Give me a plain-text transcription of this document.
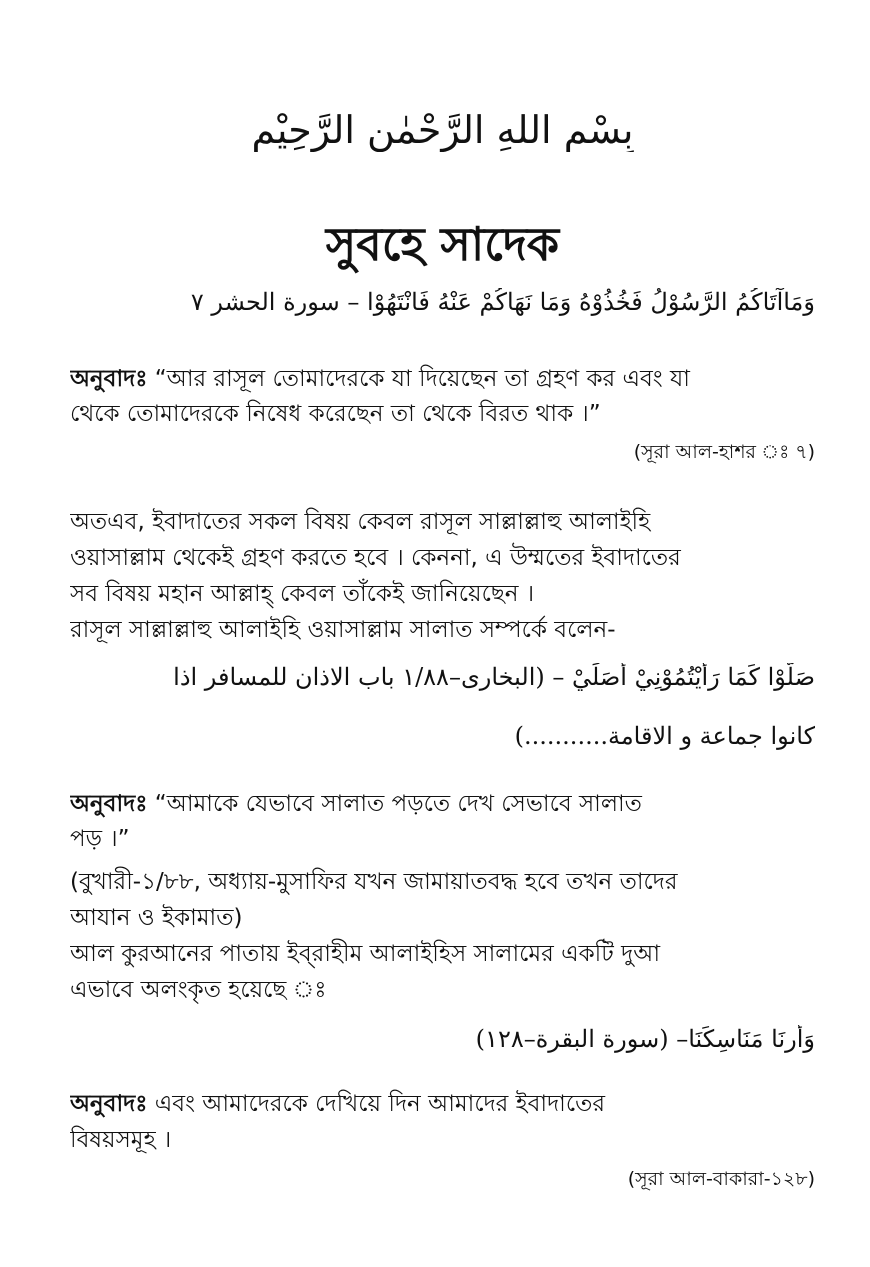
بِسْمِ اللهِ الرَّحْمٰنِ الرَّحِيْمِ
সুবহে সাদেক
وَمَاآتَاكُمُ الرَّسُوْلُ فَخُذُوْهُ وَمَا نَهَاكُمْ عَنْهُ فَانْتَهُوْا – سورة الحشر ٧
অনুবাদঃ “আর রাসূল তোমাদেরকে যা দিয়েছেন তা গ্রহণ কর এবং যা
থেকে তোমাদেরকে নিষেধ করেছেন তা থেকে বিরত থাক ।”
(সূরা আল-হাশর ঃ ৭)
অতএব, ইবাদাতের সকল বিষয় কেবল রাসূল সাল্লাল্লাহু আলাইহি
ওয়াসাল্লাম থেকেই গ্রহণ করতে হবে । কেননা, এ উম্মতের ইবাদাতের
সব বিষয় মহান আল্লাহ্ কেবল তাঁকেই জানিয়েছেন ।
রাসূল সাল্লাল্লাহু আলাইহি ওয়াসাল্লাম সালাত সম্পর্কে বলেন-
صَلُّوْا كَمَا رَأَيْتُمُوْنِيْ أُصَلِّيْ – (البخارى–١/٨٨ باب الاذان للمسافر اذا
كانوا جماعة و الاقامة...........)
অনুবাদঃ “আমাকে যেভাবে সালাত পড়তে দেখ সেভাবে সালাত
পড় ।”
(বুখারী-১/৮৮, অধ্যায়-মুসাফির যখন জামায়াতবদ্ধ হবে তখন তাদের
আযান ও ইকামাত)
আল কুরআনের পাতায় ইব্‌রাহীম আলাইহিস সালামের একটি দুআ
এভাবে অলংকৃত হয়েছে ঃ
وَأَرِنَا مَنَاسِكَنَا– (سورة البقرة–١٢٨)
অনুবাদঃ এবং আমাদেরকে দেখিয়ে দিন আমাদের ইবাদাতের
বিষয়সমূহ ।
(সূরা আল-বাকারা-১২৮)
